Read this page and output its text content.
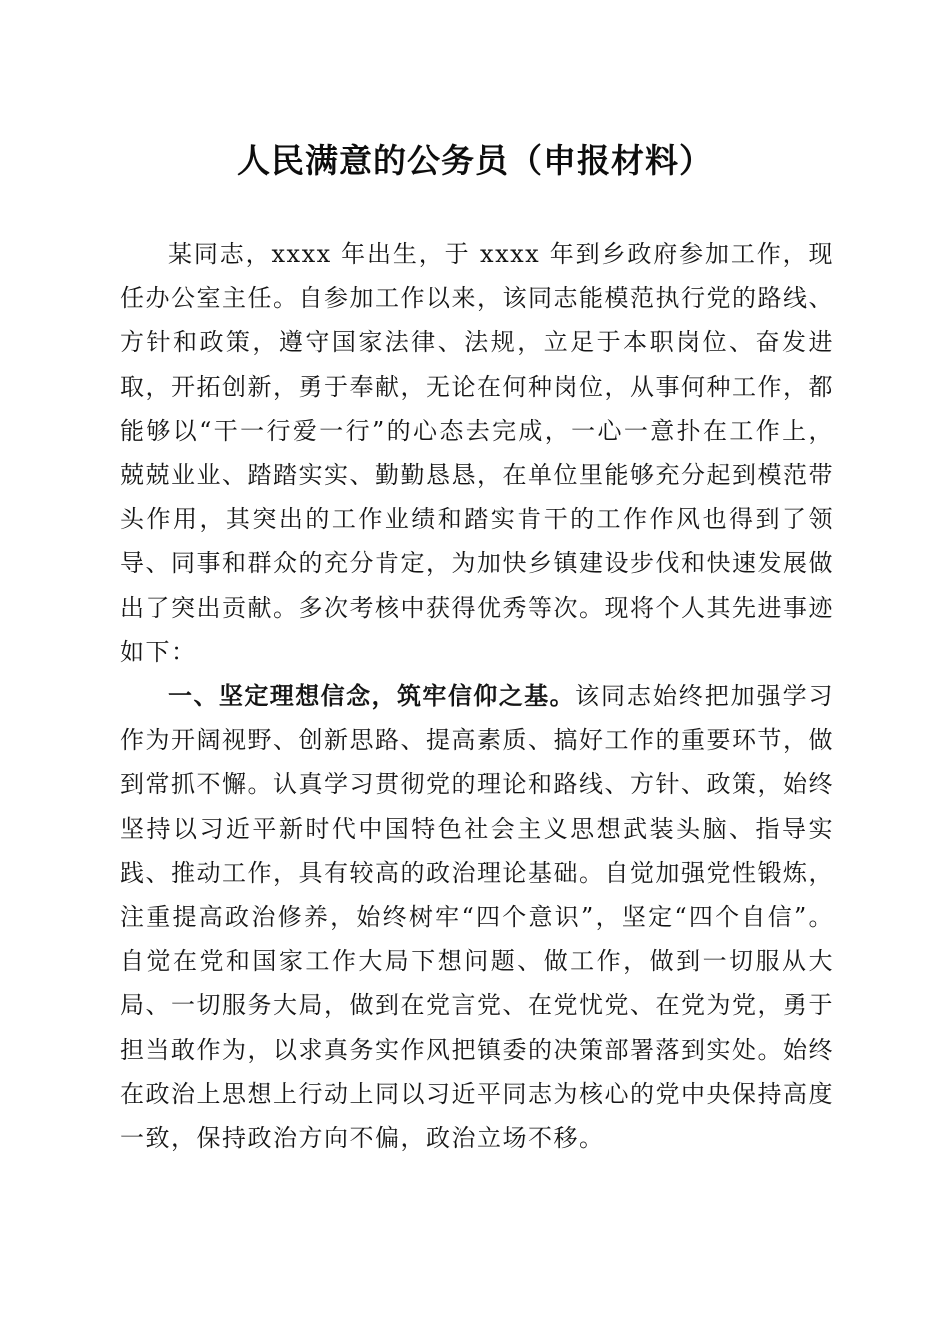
人民满意的公务员（申报材料）

某同志，xxxx 年出生，于 xxxx 年到乡政府参加工作，现任办公室主任。自参加工作以来，该同志能模范执行党的路线、方针和政策，遵守国家法律、法规，立足于本职岗位、奋发进取，开拓创新，勇于奉献，无论在何种岗位，从事何种工作，都能够以“干一行爱一行”的心态去完成，一心一意扑在工作上，兢兢业业、踏踏实实、勤勤恳恳，在单位里能够充分起到模范带头作用，其突出的工作业绩和踏实肯干的工作作风也得到了领导、同事和群众的充分肯定，为加快乡镇建设步伐和快速发展做出了突出贡献。多次考核中获得优秀等次。现将个人其先进事迹如下：

一、坚定理想信念，筑牢信仰之基。该同志始终把加强学习作为开阔视野、创新思路、提高素质、搞好工作的重要环节，做到常抓不懈。认真学习贯彻党的理论和路线、方针、政策，始终坚持以习近平新时代中国特色社会主义思想武装头脑、指导实践、推动工作，具有较高的政治理论基础。自觉加强党性锻炼，注重提高政治修养，始终树牢“四个意识”，坚定“四个自信”。自觉在党和国家工作大局下想问题、做工作，做到一切服从大局、一切服务大局，做到在党言党、在党忧党、在党为党，勇于担当敢作为，以求真务实作风把镇委的决策部署落到实处。始终在政治上思想上行动上同以习近平同志为核心的党中央保持高度一致，保持政治方向不偏，政治立场不移。
